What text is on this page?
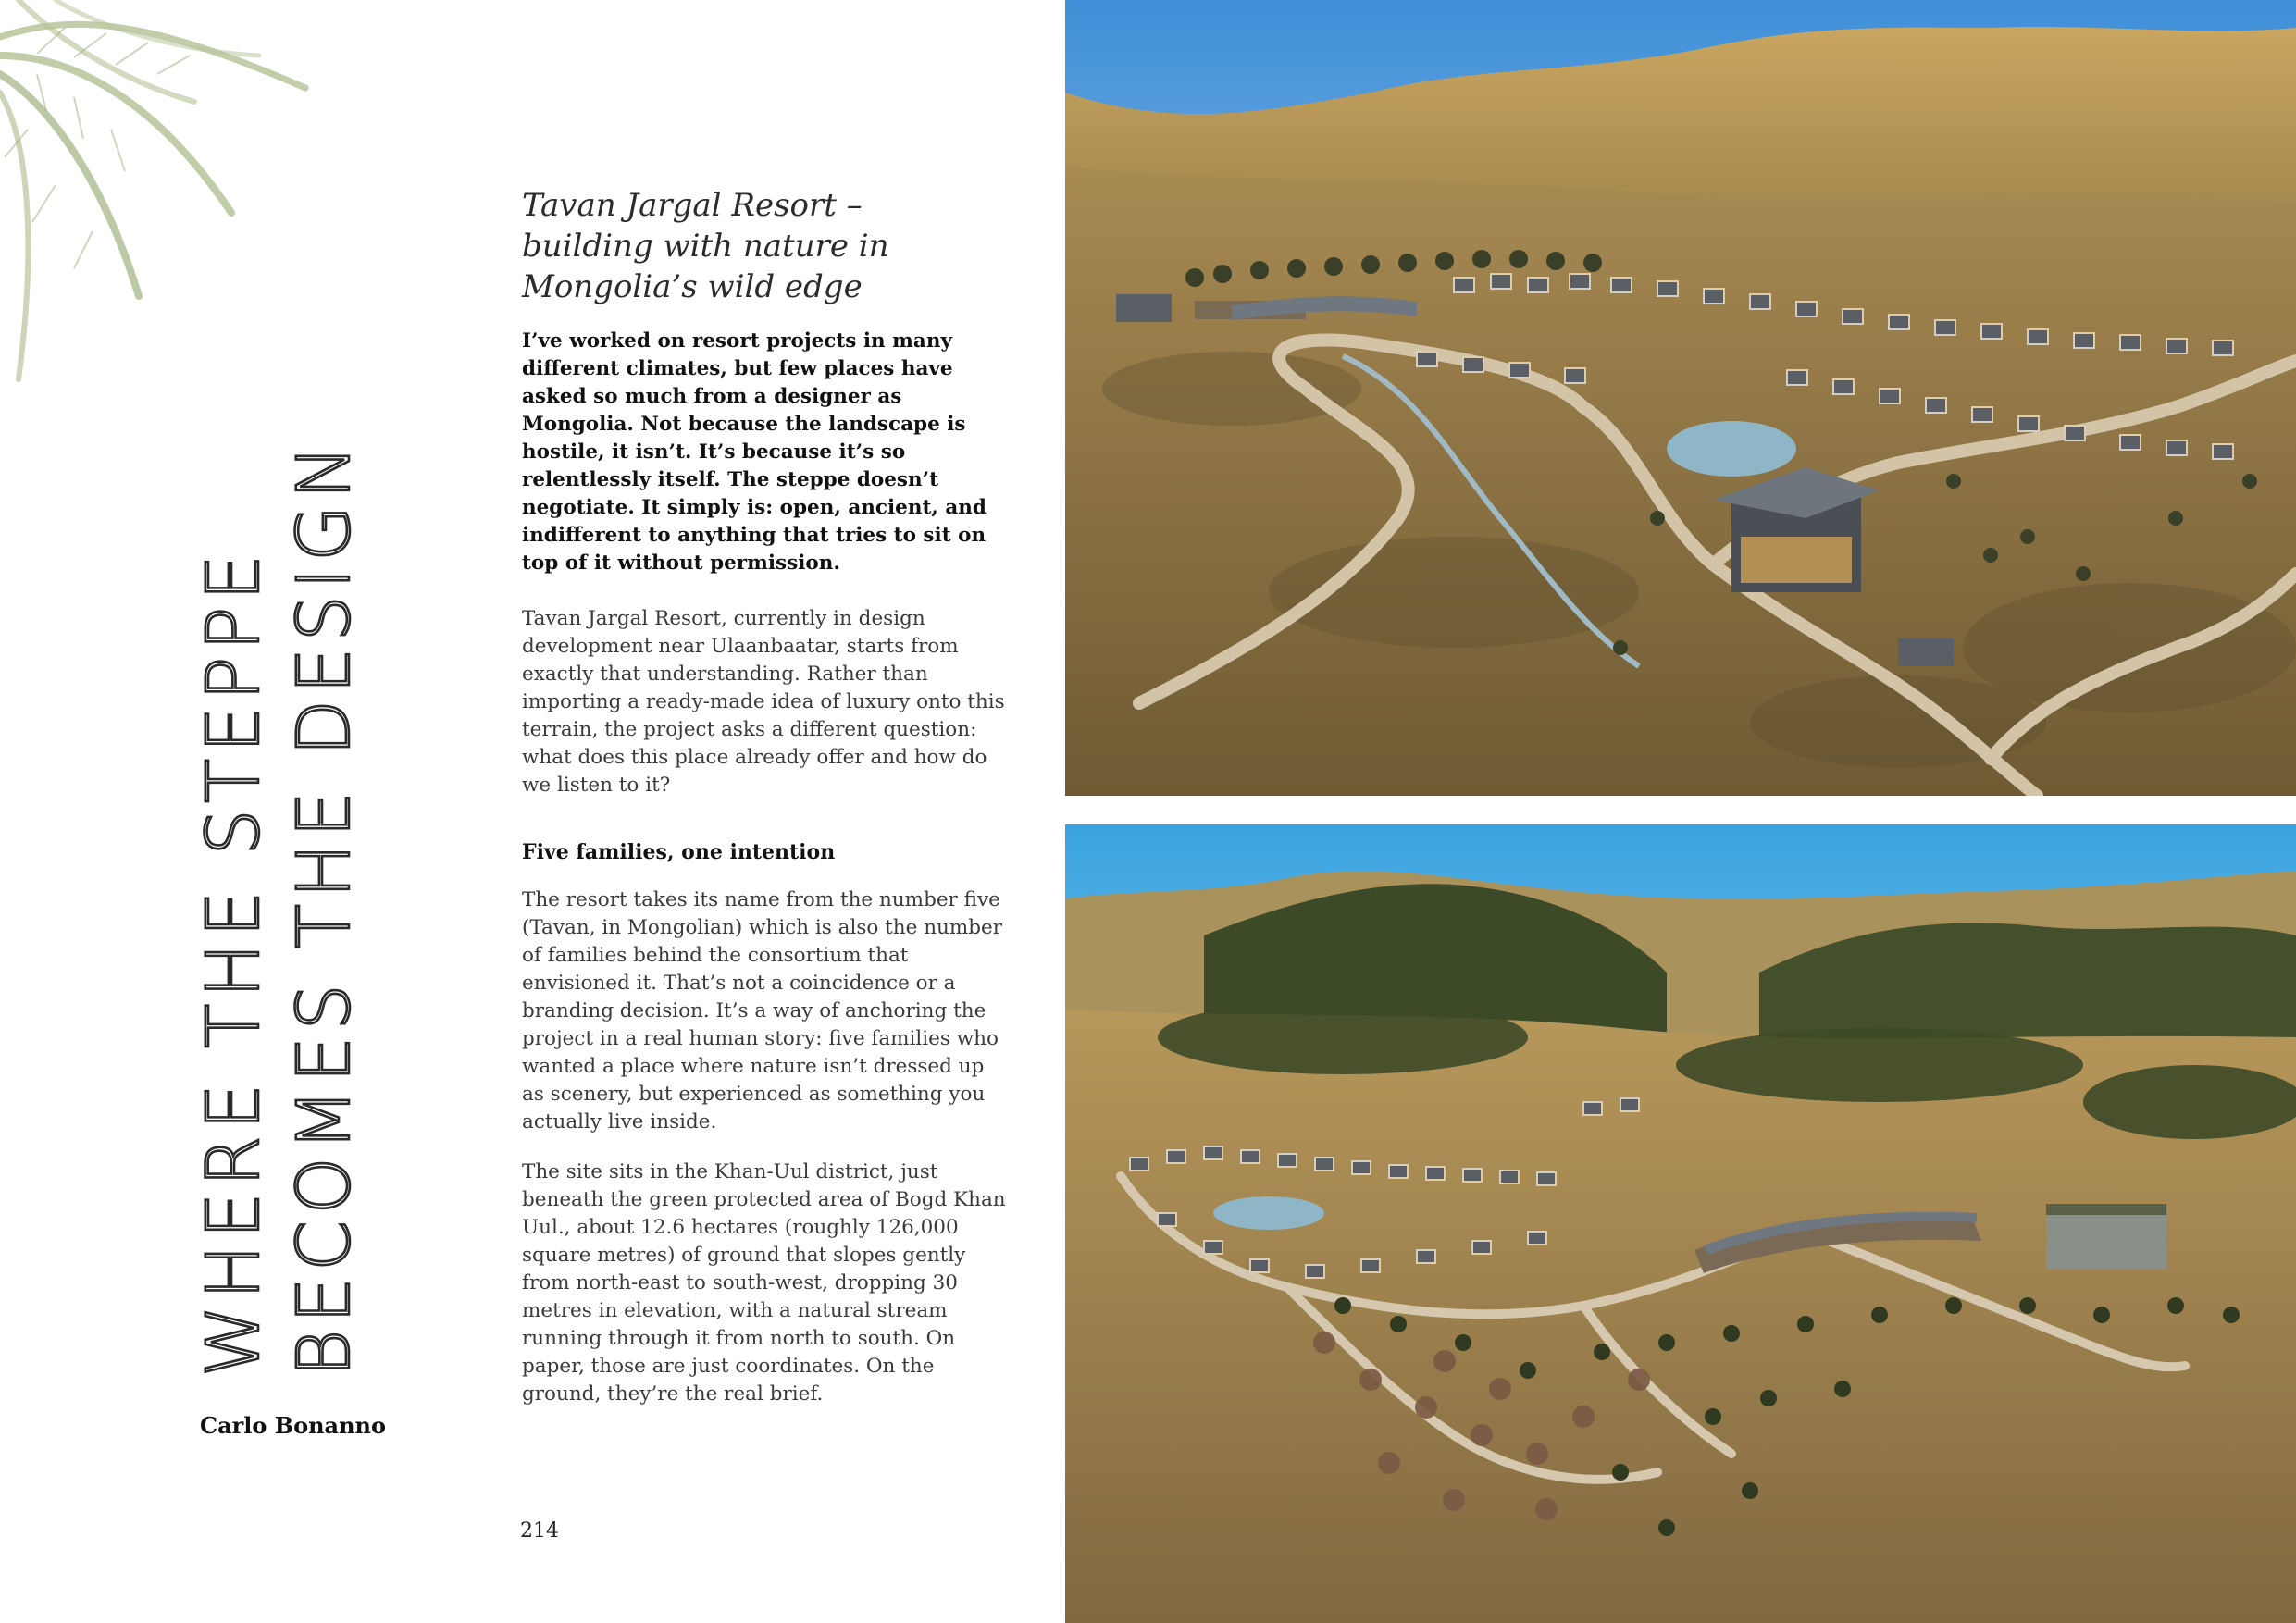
WHERE THE STEPPE BECOMES THE DESIGN
Carlo Bonanno
Tavan Jargal Resort –
building with nature in
Mongolia’s wild edge

I’ve worked on resort projects in many different climates, but few places have asked so much from a designer as Mongolia. Not because the landscape is hostile, it isn’t. It’s because it’s so relentlessly itself. The steppe doesn’t negotiate. It simply is: open, ancient, and indifferent to anything that tries to sit on top of it without permission.

Tavan Jargal Resort, currently in design development near Ulaanbaatar, starts from exactly that understanding. Rather than importing a ready-made idea of luxury onto this terrain, the project asks a different question: what does this place already offer and how do we listen to it?

Five families, one intention

The resort takes its name from the number five (Tavan, in Mongolian) which is also the number of families behind the consortium that envisioned it. That’s not a coincidence or a branding decision. It’s a way of anchoring the project in a real human story: five families who wanted a place where nature isn’t dressed up as scenery, but experienced as something you actually live inside.

The site sits in the Khan-Uul district, just beneath the green protected area of Bogd Khan Uul., about 12.6 hectares (roughly 126,000 square metres) of ground that slopes gently from north-east to south-west, dropping 30 metres in elevation, with a natural stream running through it from north to south. On paper, those are just coordinates. On the ground, they’re the real brief.

214
